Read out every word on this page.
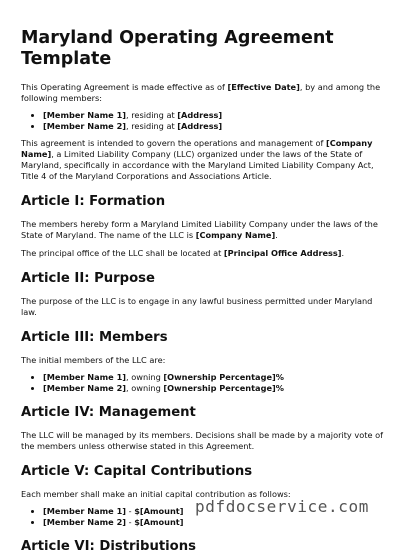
Maryland Operating Agreement Template

This Operating Agreement is made effective as of [Effective Date], by and among the following members:

• [Member Name 1], residing at [Address]
• [Member Name 2], residing at [Address]

This agreement is intended to govern the operations and management of [Company Name], a Limited Liability Company (LLC) organized under the laws of the State of Maryland, specifically in accordance with the Maryland Limited Liability Company Act, Title 4 of the Maryland Corporations and Associations Article.

Article I: Formation

The members hereby form a Maryland Limited Liability Company under the laws of the State of Maryland. The name of the LLC is [Company Name].

The principal office of the LLC shall be located at [Principal Office Address].

Article II: Purpose

The purpose of the LLC is to engage in any lawful business permitted under Maryland law.

Article III: Members

The initial members of the LLC are:

• [Member Name 1], owning [Ownership Percentage]%
• [Member Name 2], owning [Ownership Percentage]%
Article IV: Management

The LLC will be managed by its members. Decisions shall be made by a majority vote of the members unless otherwise stated in this Agreement.

Article V: Capital Contributions

Each member shall make an initial capital contribution as follows:

• [Member Name 1] - $[Amount]
• [Member Name 2] - $[Amount]
Article VI: Distributions
pdfdocservice.com
